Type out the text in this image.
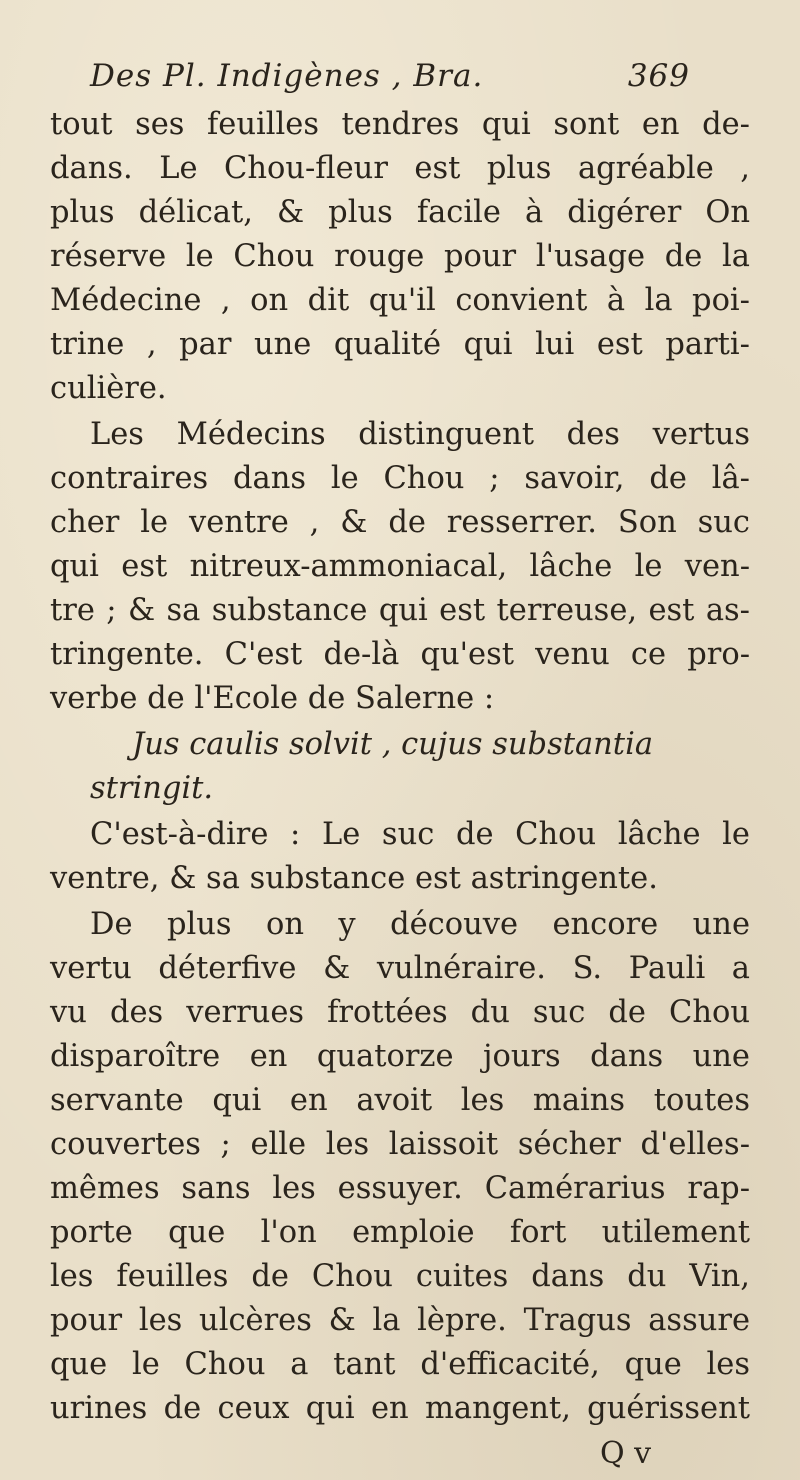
Des Pl. Indigènes , Bra.	369
tout ses feuilles tendres qui sont en de-
dans. Le Chou-fleur est plus agréable ,
plus délicat, & plus facile à digérer On
réserve le Chou rouge pour l'usage de la
Médecine , on dit qu'il convient à la poi-
trine , par une qualité qui lui est parti-
culière.
Les Médecins distinguent des vertus
contraires dans le Chou ; savoir, de lâ-
cher le ventre , & de resserrer. Son suc
qui est nitreux-ammoniacal, lâche le ven-
tre ; & sa substance qui est terreuse, est as-
tringente. C'est de-là qu'est venu ce pro-
verbe de l'Ecole de Salerne :
Jus caulis solvit , cujus substantia
stringit.
C'est-à-dire : Le suc de Chou lâche le
ventre, & sa substance est astringente.
De plus on y découve encore une
vertu déterfive & vulnéraire. S. Pauli a
vu des verrues frottées du suc de Chou
disparoître en quatorze jours dans une
servante qui en avoit les mains toutes
couvertes ; elle les laissoit sécher d'elles-
mêmes sans les essuyer. Camérarius rap-
porte que l'on emploie fort utilement
les feuilles de Chou cuites dans du Vin,
pour les ulcères & la lèpre. Tragus assure
que le Chou a tant d'efficacité, que les
urines de ceux qui en mangent, guérissent
Q v
